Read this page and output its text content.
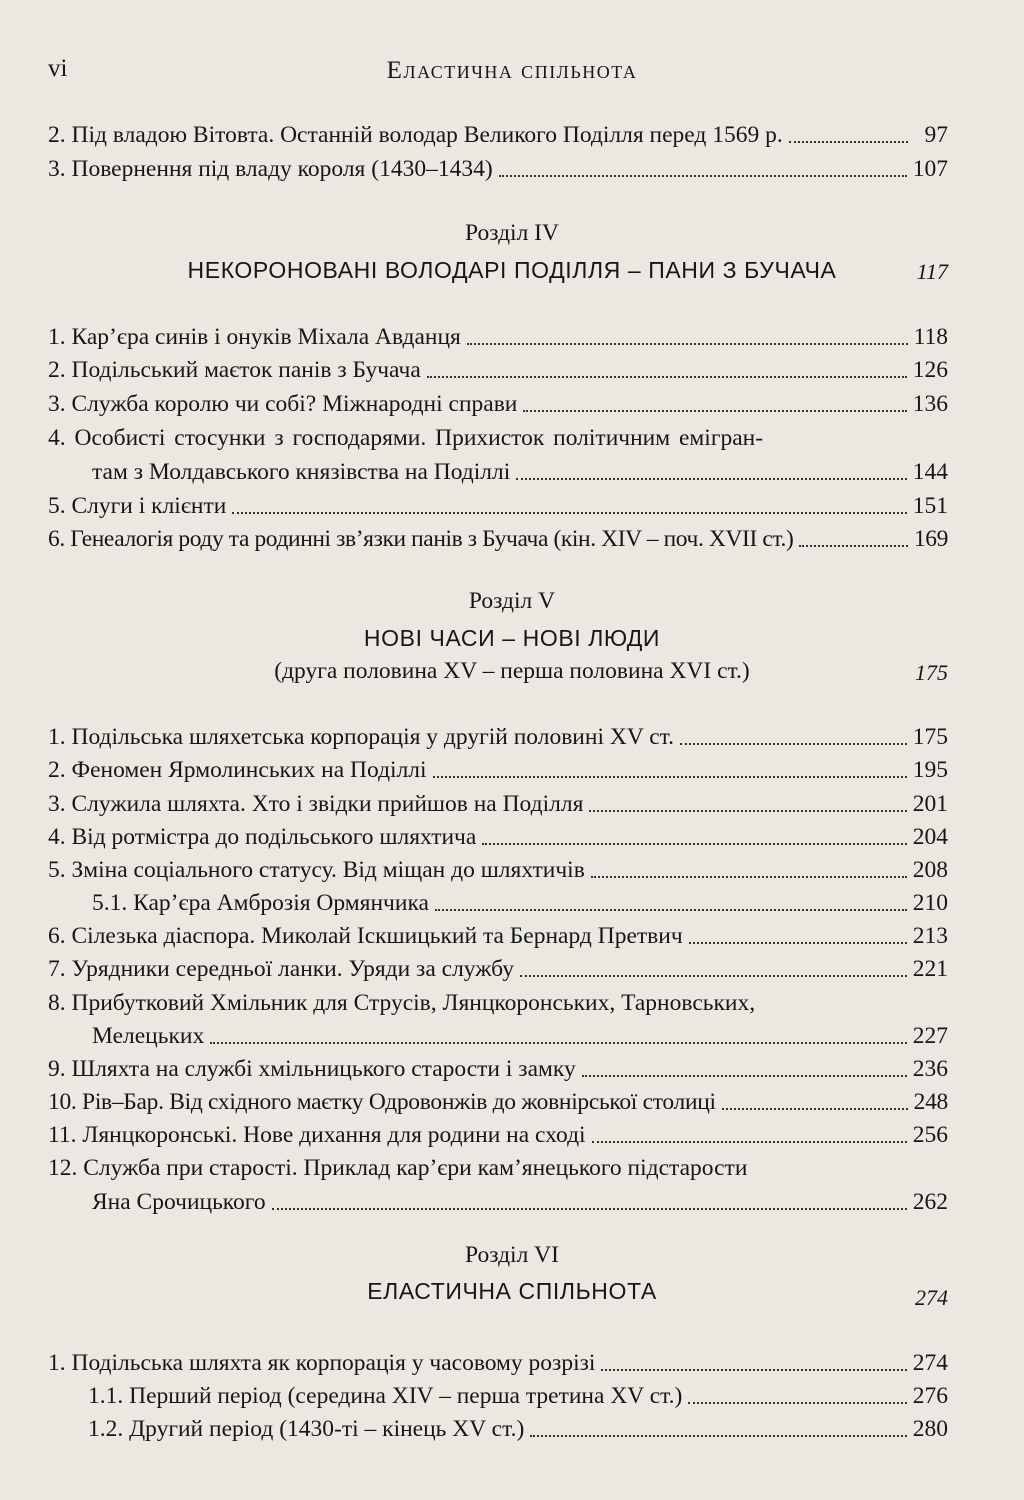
vi	Еластична спільнота
2. Під владою Вітовта. Останній володар Великого Поділля перед 1569 р.	97
3. Повернення під владу короля (1430–1434)	107
Розділ IV
НЕКОРОНОВАНІ ВОЛОДАРІ ПОДІЛЛЯ – ПАНИ З БУЧАЧА	117
1. Кар’єра синів і онуків Міхала Авданця	118
2. Подільський маєток панів з Бучача	126
3. Служба королю чи собі? Міжнародні справи	136
4. Особисті стосунки з господарями. Прихисток політичним емігран-
там з Молдавського князівства на Поділлі	144
5. Слуги і клієнти	151
6. Генеалогія роду та родинні зв’язки панів з Бучача (кін. XIV – поч. XVII ст.)	169
Розділ V
НОВІ ЧАСИ – НОВІ ЛЮДИ
(друга половина XV – перша половина XVI ст.)	175
1. Подільська шляхетська корпорація у другій половині XV ст.	175
2. Феномен Ярмолинських на Поділлі	195
3. Служила шляхта. Хто і звідки прийшов на Поділля	201
4. Від ротмістра до подільського шляхтича	204
5. Зміна соціального статусу. Від міщан до шляхтичів	208
5.1. Кар’єра Амброзія Ормянчика	210
6. Сілезька діаспора. Миколай Іскшицький та Бернард Претвич	213
7. Урядники середньої ланки. Уряди за службу	221
8. Прибутковий Хмільник для Струсів, Лянцкоронських, Тарновських,
Мелецьких	227
9. Шляхта на службі хмільницького старости і замку	236
10. Рів–Бар. Від східного маєтку Одровонжів до жовнірської столиці	248
11. Лянцкоронські. Нове дихання для родини на сході	256
12. Служба при старості. Приклад кар’єри кам’янецького підстарости
Яна Срочицького	262
Розділ VI
ЕЛАСТИЧНА СПІЛЬНОТА	274
1. Подільська шляхта як корпорація у часовому розрізі	274
1.1. Перший період (середина XIV – перша третина XV ст.)	276
1.2. Другий період (1430-ті – кінець XV ст.)	280
